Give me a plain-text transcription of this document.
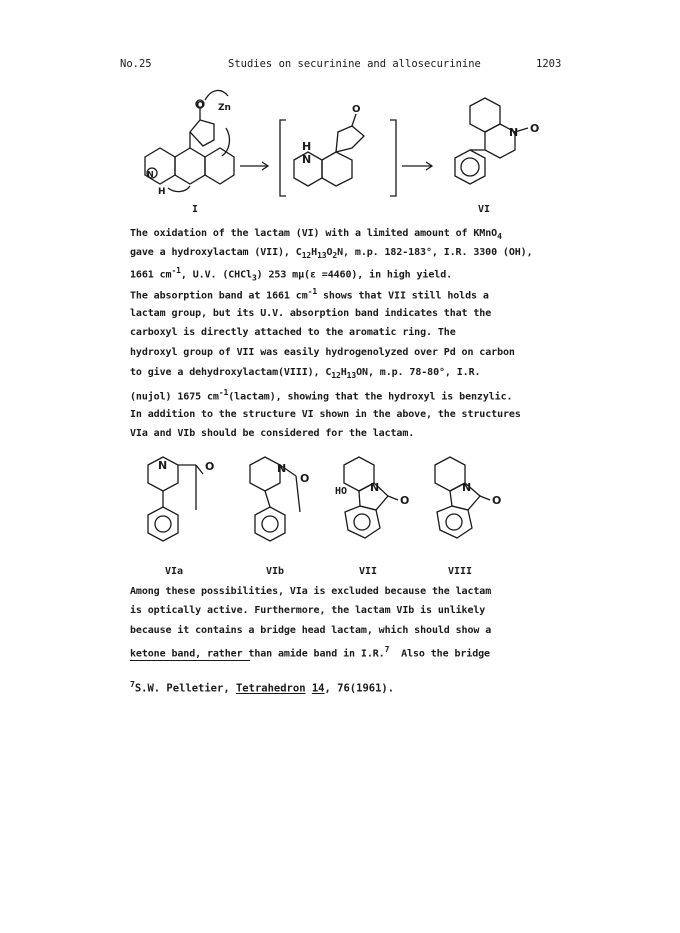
No.25	Studies on securinine and allosecurinine	1203
O Zn
N
H
H
N
O
N O
N	O	N
O
N
O
N
O
I	VI
HO
The oxidation of the lactam (VI) with a limited amount of KMnO$_4$
gave a hydroxylactam (VII), $C_{12}H_{13}O_2N$, m.p. 182-183°, I.R. 3300 (OH),
1661 $cm^{-1}$, U.V. (CHCl$_3$) 253 mμ(ε =4460), in high yield.
The absorption band at 1661 $cm^{-1}$ shows that VII still holds a
lactam group, but its U.V. absorption band indicates that the
carboxyl is directly attached to the aromatic ring. The
hydroxyl group of VII was easily hydrogenolyzed over Pd on carbon
to give a dehydroxylactam(VIII), $C_{12}H_{13}ON$, m.p. 78-80°, I.R.
(nujol) 1675 $cm^{-1}(lactam)$, showing that the hydroxyl is benzylic.
In addition to the structure VI shown in the above, the structures
VIa and VIb should be considered for the lactam.
VIa	VIb	VII	VIII
Among these possibilities, VIa is excluded because the lactam
is optically active. Furthermore, the lactam VIb is unlikely
because it contains a bridge head lactam, which should show a
ketone band, rather than amide band in I.R.$^7$ Also the bridge
$^7$S.W. Pelletier, Tetrahedron 14, 76(1961).
